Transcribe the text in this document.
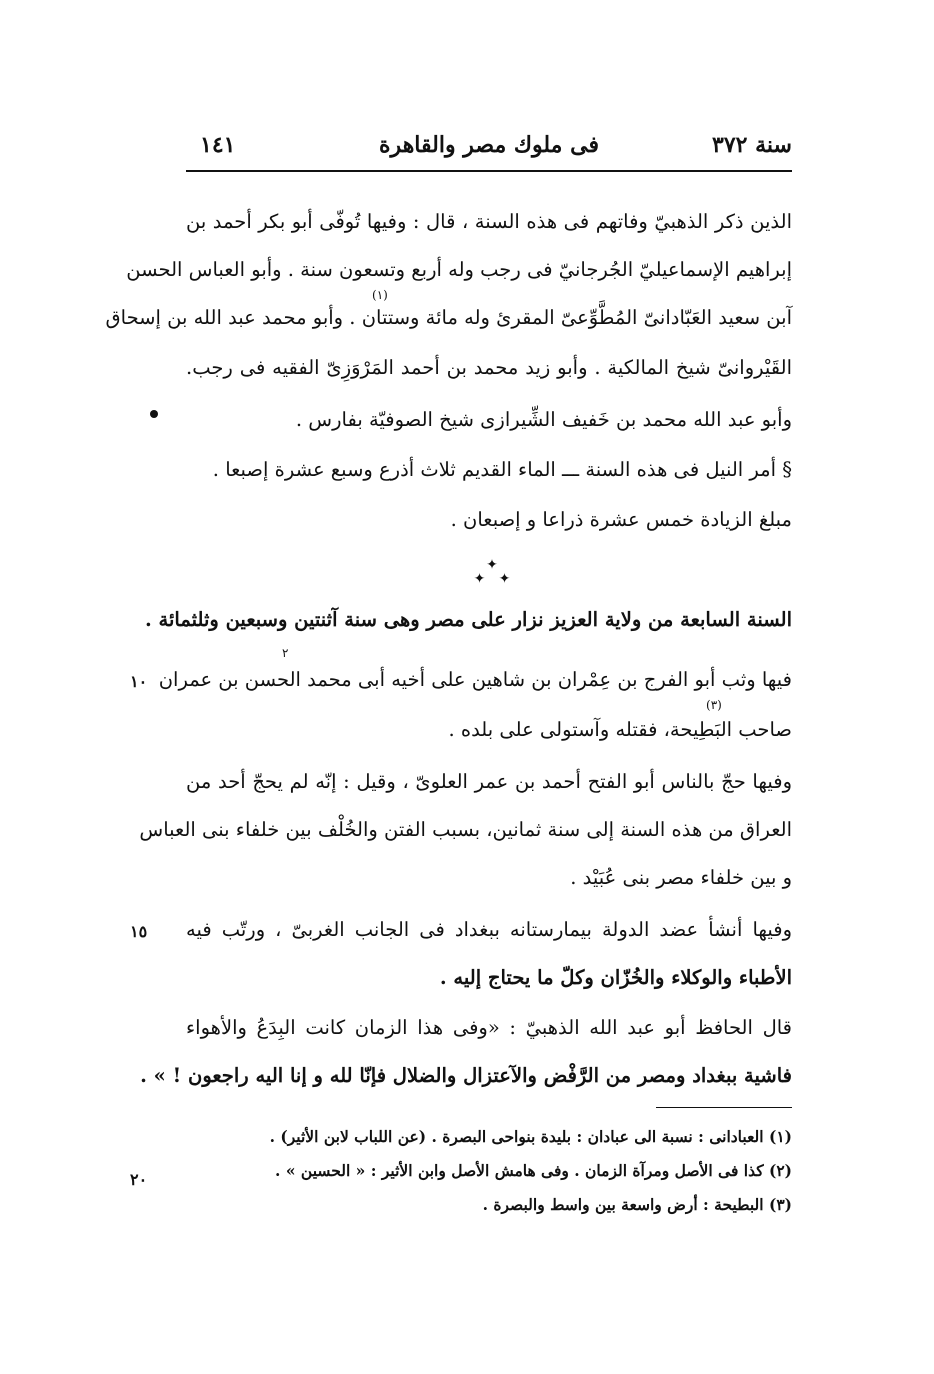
سنة ٣٧٢
فى ملوك مصر والقاهرة
١٤١
الذين ذكر الذهبيّ وفاتهم فى هذه السنة ، قال : وفيها تُوفّى أبو بكر أحمد بن
إبراهيم الإسماعيليّ الجُرجانيّ فى رجب وله أربع وتسعون سنة . وأبو العباس الحسن
آبن سعيد العَبّادانىّ المُطَّوِّعىّ المقرئ وله مائة وستتان . وأبو محمد عبد الله بن إسحاق
القَيْروانىّ شيخ المالكية . وأبو زيد محمد بن أحمد المَرْوَزِىّ الفقيه فى رجب.
وأبو عبد الله محمد بن خَفيف الشِّيرازى شيخ الصوفيّة بفارس .
§ أمر النيل فى هذه السنة ـــ الماء القديم ثلاث أذرع وسبع عشرة إصبعا .
مبلغ الزيادة خمس عشرة ذراعا و إصبعان .
✦
✦ ✦
السنة السابعة من ولاية العزيز نزار على مصر وهى سنة آثنتين وسبعين وثلثمائة .
فيها وثب أبو الفرج بن عِمْران بن شاهين على أخيه أبى محمد الحسن بن عمران
صاحب البَطِيحة، فقتله وآستولى على بلده .
وفيها حجّ بالناس أبو الفتح أحمد بن عمر العلوىّ ، وقيل : إنّه لم يحجّ أحد من
العراق من هذه السنة إلى سنة ثمانين، بسبب الفتن والخُلْف بين خلفاء بنى العباس
و بين خلفاء مصر بنى عُبَيْد .
وفيها أنشأ عضد الدولة بيمارستانه ببغداد فى الجانب الغربىّ ، ورتّب فيه
الأطباء والوكلاء والخُزّان وكلّ ما يحتاج إليه .
قال الحافظ أبو عبد الله الذهبيّ : «وفى هذا الزمان كانت البِدَعُ والأهواء
فاشية ببغداد ومصر من الرَّفْض والآعتزال والضلال فإنّا لله و إنا اليه راجعون ! » .
(١)
٢
(٣)
١٠
١٥
٢٠
(١) العبادانى : نسبة الى عبادان : بليدة بنواحى البصرة . (عن اللباب لابن الأثير) .
(٢) كذا فى الأصل ومرآة الزمان . وفى هامش الأصل وابن الأثير : « الحسين » .
(٣) البطيحة : أرض واسعة بين واسط والبصرة .
